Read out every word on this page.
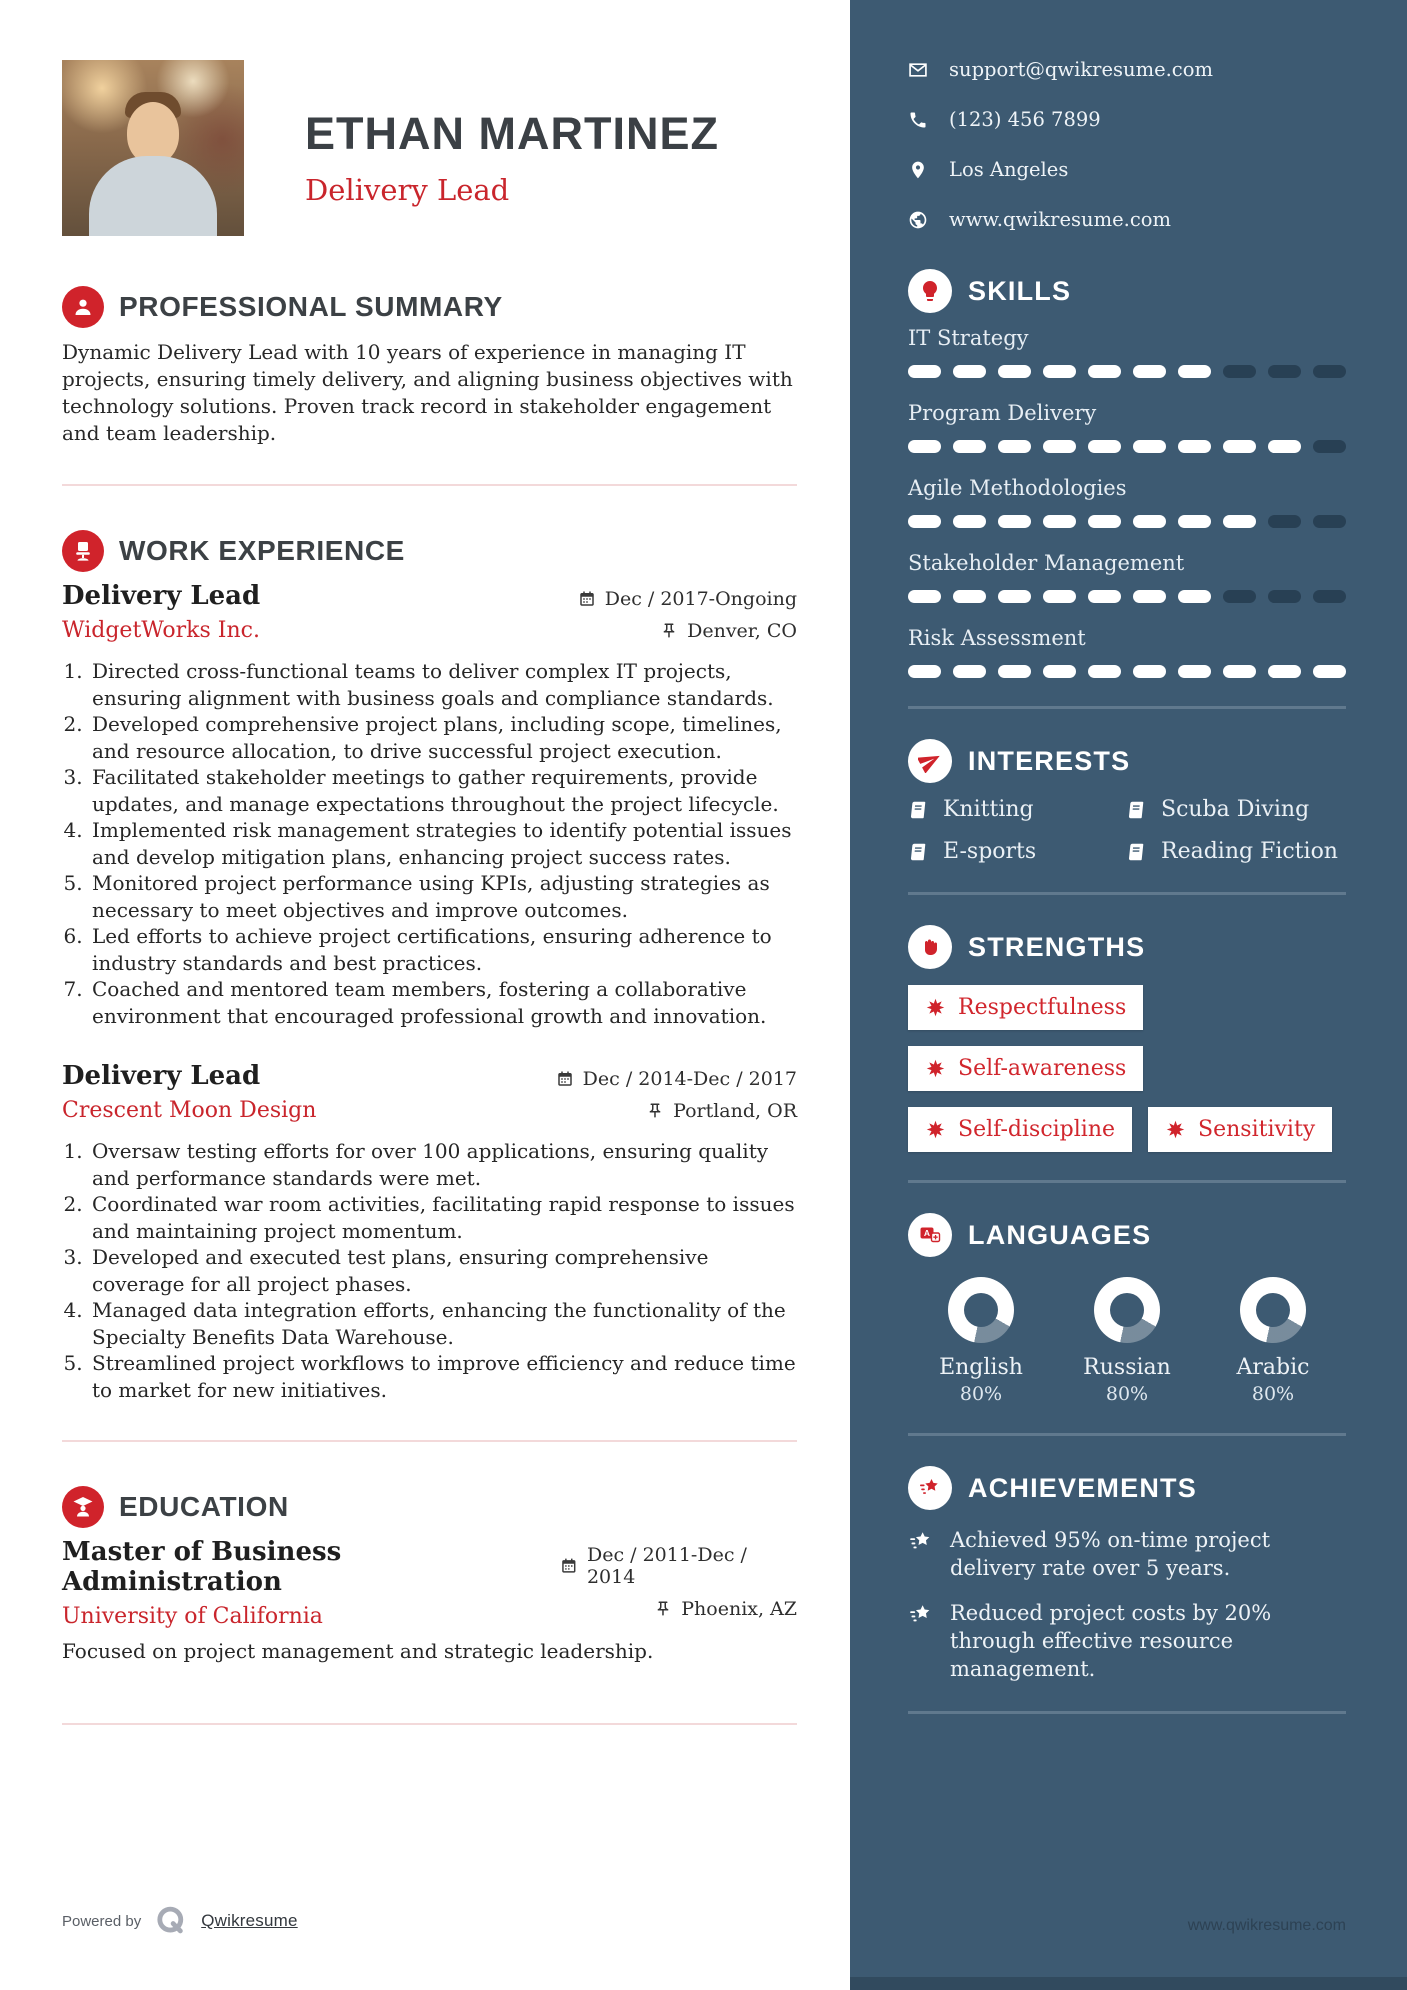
ETHAN MARTINEZ
Delivery Lead
PROFESSIONAL SUMMARY

Dynamic Delivery Lead with 10 years of experience in managing IT projects, ensuring timely delivery, and aligning business objectives with technology solutions. Proven track record in stakeholder engagement and team leadership.

WORK EXPERIENCE
Delivery Lead
WidgetWorks Inc.
Dec / 2017-Ongoing
Denver, CO
1. Directed cross-functional teams to deliver complex IT projects, ensuring alignment with business goals and compliance standards.
2. Developed comprehensive project plans, including scope, timelines, and resource allocation, to drive successful project execution.
3. Facilitated stakeholder meetings to gather requirements, provide updates, and manage expectations throughout the project lifecycle.
4. Implemented risk management strategies to identify potential issues and develop mitigation plans, enhancing project success rates.
5. Monitored project performance using KPIs, adjusting strategies as necessary to meet objectives and improve outcomes.
6. Led efforts to achieve project certifications, ensuring adherence to industry standards and best practices.
7. Coached and mentored team members, fostering a collaborative environment that encouraged professional growth and innovation.
Delivery Lead
Crescent Moon Design
Dec / 2014-Dec / 2017
Portland, OR
1. Oversaw testing efforts for over 100 applications, ensuring quality and performance standards were met.
2. Coordinated war room activities, facilitating rapid response to issues and maintaining project momentum.
3. Developed and executed test plans, ensuring comprehensive coverage for all project phases.
4. Managed data integration efforts, enhancing the functionality of the Specialty Benefits Data Warehouse.
5. Streamlined project workflows to improve efficiency and reduce time to market for new initiatives.
EDUCATION
Master of Business Administration
University of California
Dec / 2011-Dec / 2014
Phoenix, AZ

Focused on project management and strategic leadership.

Powered by	Qwikresume
support@qwikresume.com
(123) 456 7899
Los Angeles
www.qwikresume.com
SKILLS
IT Strategy
Program Delivery
Agile Methodologies
Stakeholder Management
Risk Assessment
INTERESTS
Knitting	Scuba Diving
E-sports	Reading Fiction
STRENGTHS
Respectfulness
Self-awareness
Self-discipline	Sensitivity
A LANGUAGES
English
80%
Russian
80%
Arabic
80%
ACHIEVEMENTS
Achieved 95% on-time project delivery rate over 5 years.
Reduced project costs by 20% through effective resource management.
www.qwikresume.com
